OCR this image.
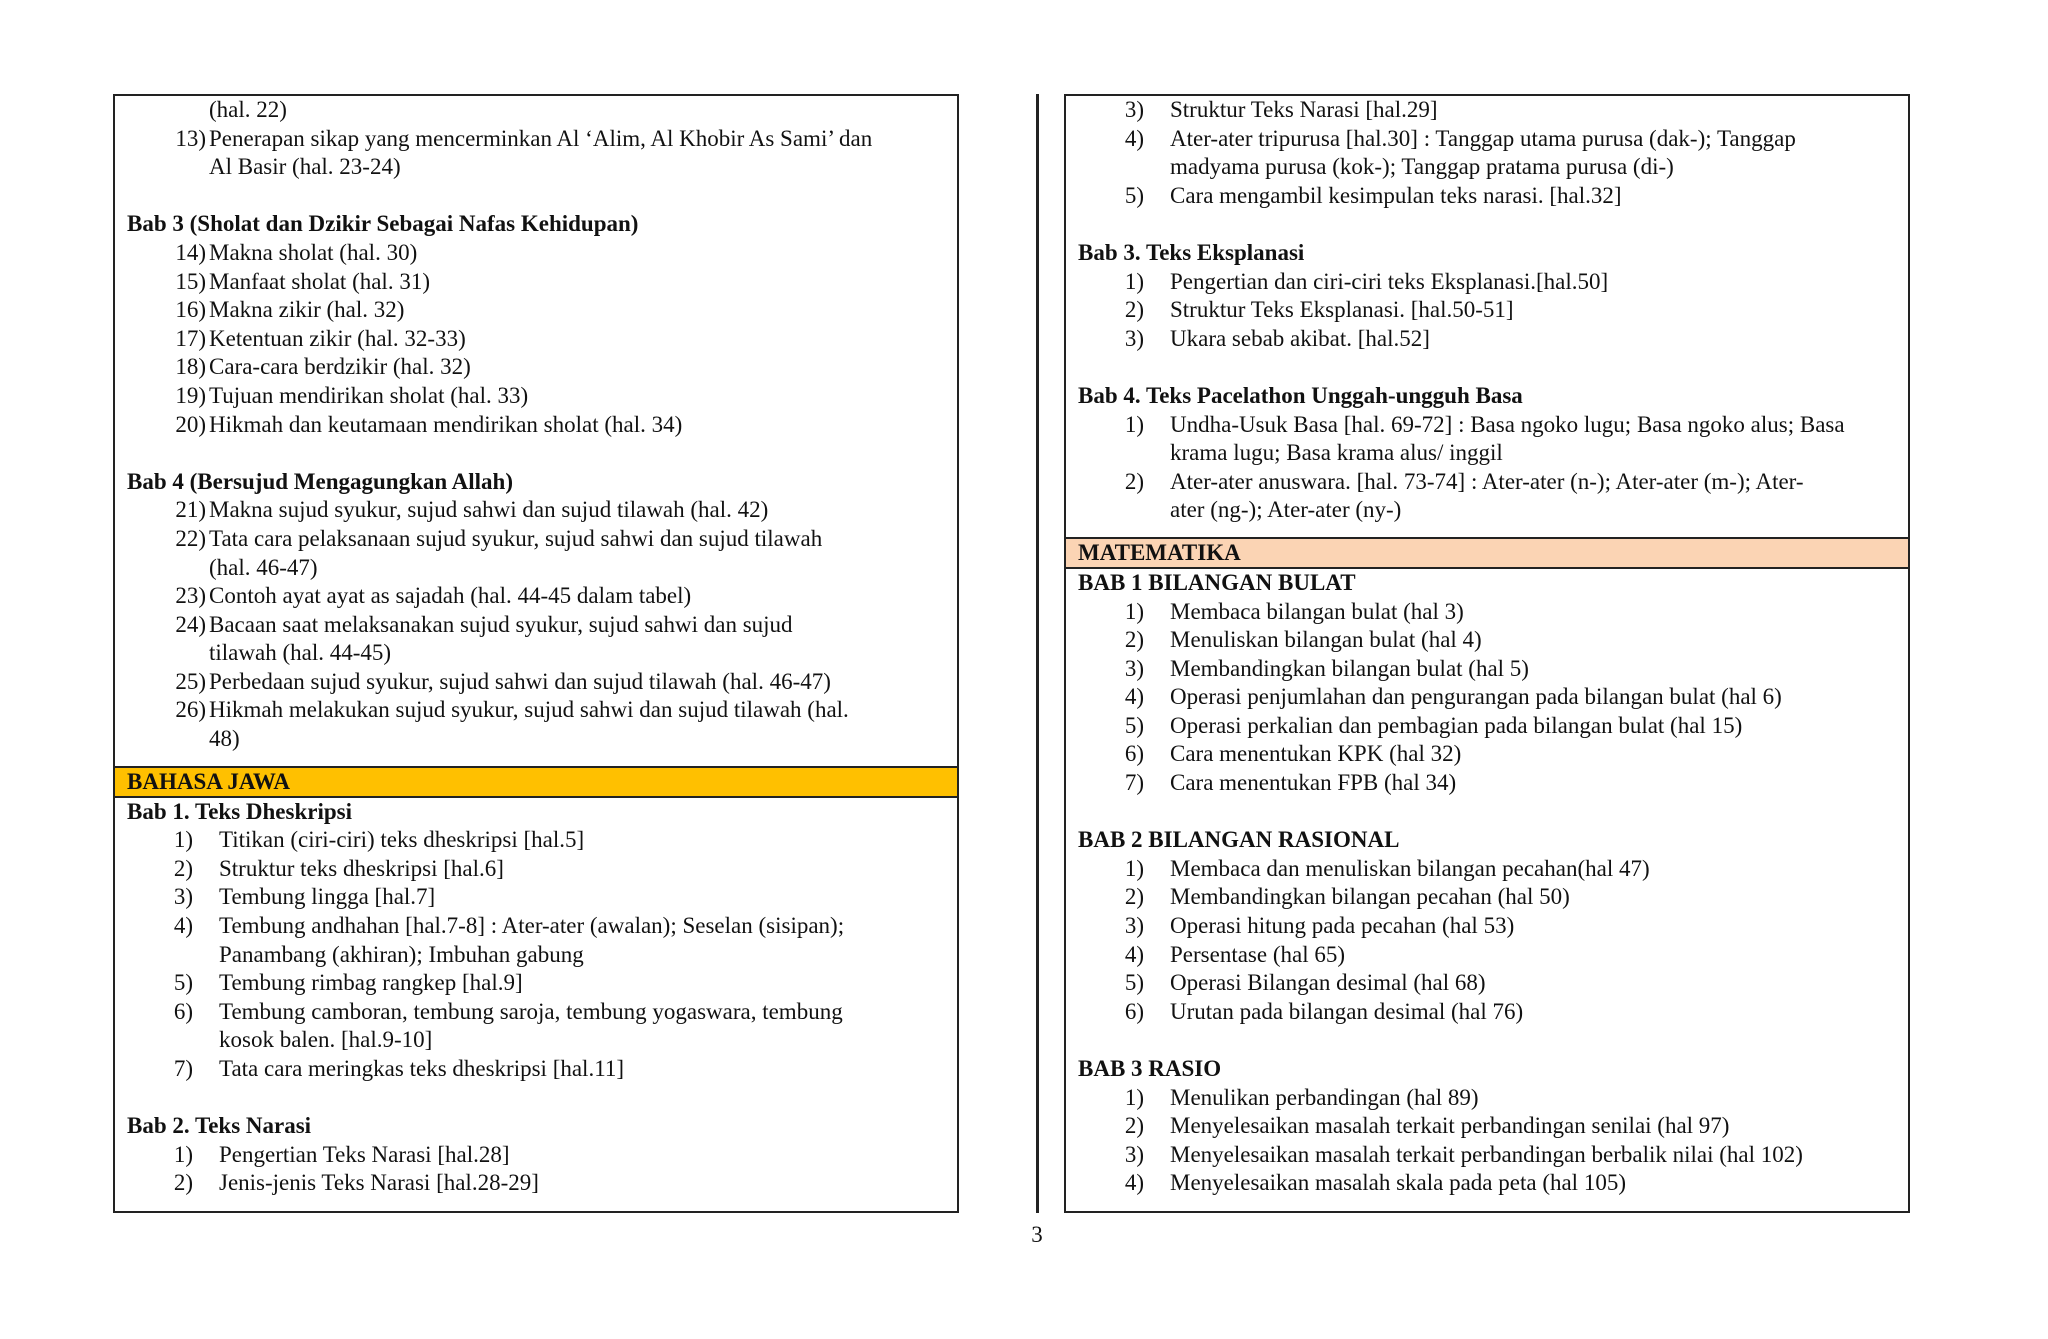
(hal. 22)
13) Penerapan sikap yang mencerminkan Al ‘Alim, Al Khobir As Sami’ dan
Al Basir (hal. 23-24)
Bab 3 (Sholat dan Dzikir Sebagai Nafas Kehidupan)
14) Makna sholat (hal. 30)
15) Manfaat sholat (hal. 31)
16) Makna zikir (hal. 32)
17) Ketentuan zikir (hal. 32-33)
18) Cara-cara berdzikir (hal. 32)
19) Tujuan mendirikan sholat (hal. 33)
20) Hikmah dan keutamaan mendirikan sholat (hal. 34)
Bab 4 (Bersujud Mengagungkan Allah)
21) Makna sujud syukur, sujud sahwi dan sujud tilawah (hal. 42)
22) Tata cara pelaksanaan sujud syukur, sujud sahwi dan sujud tilawah
(hal. 46-47)
23) Contoh ayat ayat as sajadah (hal. 44-45 dalam tabel)
24) Bacaan saat melaksanakan sujud syukur, sujud sahwi dan sujud
tilawah (hal. 44-45)
25) Perbedaan sujud syukur, sujud sahwi dan sujud tilawah (hal. 46-47)
26) Hikmah melakukan sujud syukur, sujud sahwi dan sujud tilawah (hal.
48)
BAHASA JAWA
Bab 1. Teks Dheskripsi
1)	Titikan (ciri-ciri) teks dheskripsi [hal.5]
2)	Struktur teks dheskripsi [hal.6]
3)	Tembung lingga [hal.7]
4)	Tembung andhahan [hal.7-8] : Ater-ater (awalan); Seselan (sisipan);
Panambang (akhiran); Imbuhan gabung
5)	Tembung rimbag rangkep [hal.9]
6)	Tembung camboran, tembung saroja, tembung yogaswara, tembung
kosok balen. [hal.9-10]
7)	Tata cara meringkas teks dheskripsi [hal.11]
Bab 2. Teks Narasi
1)	Pengertian Teks Narasi [hal.28]
2)	Jenis-jenis Teks Narasi [hal.28-29]
3)	Struktur Teks Narasi [hal.29]
4)	Ater-ater tripurusa [hal.30] : Tanggap utama purusa (dak-); Tanggap
madyama purusa (kok-); Tanggap pratama purusa (di-)
5)	Cara mengambil kesimpulan teks narasi. [hal.32]
Bab 3. Teks Eksplanasi
1)	Pengertian dan ciri-ciri teks Eksplanasi.[hal.50]
2)	Struktur Teks Eksplanasi. [hal.50-51]
3)	Ukara sebab akibat. [hal.52]
Bab 4. Teks Pacelathon Unggah-ungguh Basa
1)	Undha-Usuk Basa [hal. 69-72] : Basa ngoko lugu; Basa ngoko alus; Basa
krama lugu; Basa krama alus/ inggil
2)	Ater-ater anuswara. [hal. 73-74] : Ater-ater (n-); Ater-ater (m-); Ater-
ater (ng-); Ater-ater (ny-)
MATEMATIKA
BAB 1 BILANGAN BULAT
1)	Membaca bilangan bulat (hal 3)
2)	Menuliskan bilangan bulat (hal 4)
3)	Membandingkan bilangan bulat (hal 5)
4)	Operasi penjumlahan dan pengurangan pada bilangan bulat (hal 6)
5)	Operasi perkalian dan pembagian pada bilangan bulat (hal 15)
6)	Cara menentukan KPK (hal 32)
7)	Cara menentukan FPB (hal 34)
BAB 2 BILANGAN RASIONAL
1)	Membaca dan menuliskan bilangan pecahan(hal 47)
2)	Membandingkan bilangan pecahan (hal 50)
3)	Operasi hitung pada pecahan (hal 53)
4)	Persentase (hal 65)
5)	Operasi Bilangan desimal (hal 68)
6)	Urutan pada bilangan desimal (hal 76)
BAB 3 RASIO
1)	Menulikan perbandingan (hal 89)
2)	Menyelesaikan masalah terkait perbandingan senilai (hal 97)
3)	Menyelesaikan masalah terkait perbandingan berbalik nilai (hal 102)
4)	Menyelesaikan masalah skala pada peta (hal 105)
3
